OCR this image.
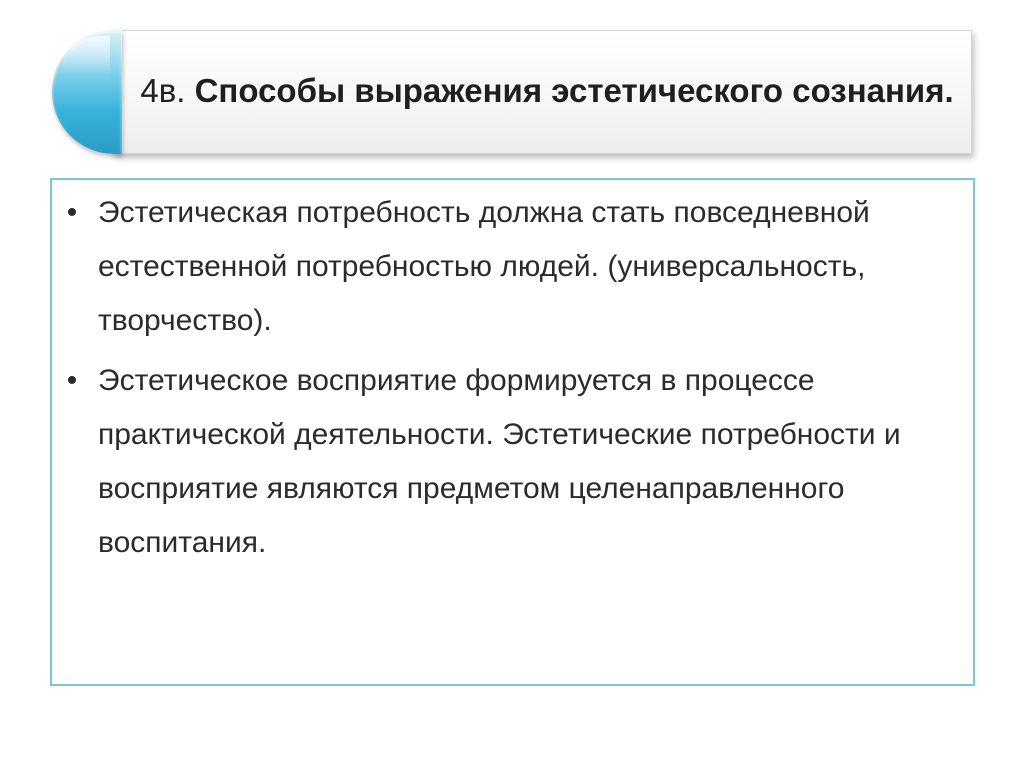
4в. Способы выражения эстетического сознания.
• Эстетическая потребность должна стать повседневной естественной потребностью людей. (универсальность, творчество).
• Эстетическое восприятие формируется в процессе практической деятельности. Эстетические потребности и восприятие являются предметом целенаправленного воспитания.
